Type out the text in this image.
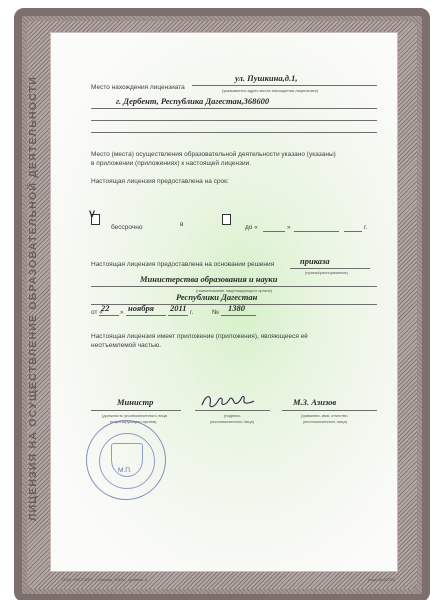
ЛИЦЕНЗИЯ НА ОСУЩЕСТВЛЕНИЕ ОБРАЗОВАТЕЛЬНОЙ ДЕЯТЕЛЬНОСТИ	Место нахождения лицензиата
ул. Пушкина,д.1,
(указывается адрес места нахождения лицензиата)
г. Дербент, Республика Дагестан,368600
Место (места) осуществления образовательной деятельности указано (указаны)
в приложении (приложениях) к настоящей лицензии.
Настоящая лицензия предоставлена на срок:
V
бессрочно	в	до «	»	г.
Настоящая лицензия предоставлена на основании решения	приказа
(приказ/распоряжение)
Министерства образования и науки
(наименование лицензирующего органа)
Республики Дагестан
от «
22 » ноября 2011 г.	№ 1380
Настоящая лицензия имеет приложение (приложения), являющееся её
неотъемлемой частью.
Министр
(должность уполномоченного лица
лицензирующего органа)
(подпись
уполномоченного лица)
М.З. Азизов
(фамилия, имя, отчество
уполномоченного лица)
М.П.
ООО «НЕТСЕР», г. Москва, 2012 г., уровень А	лицо № 62790
